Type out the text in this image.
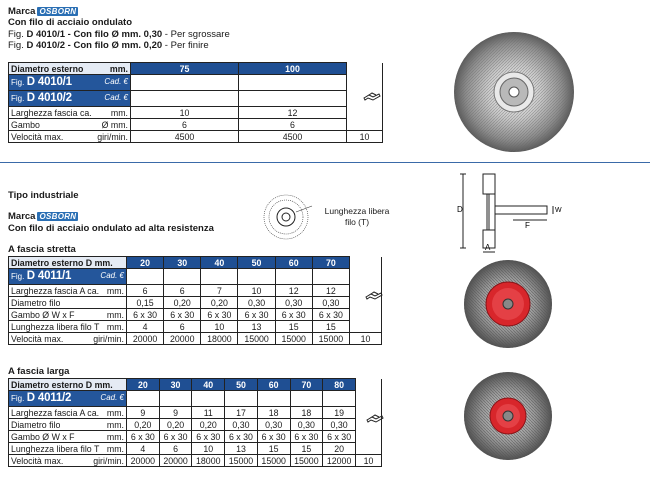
Marca OSBORN
Con filo di acciaio ondulato
Fig. D 4010/1 - Con filo Ø mm. 0,30 - Per sgrossare
Fig. D 4010/2 - Con filo Ø mm. 0,20 - Per finire
Diametro esterno mm.	75	100	
Fig. D 4010/1 Cad. €			

Fig. D 4010/2 Cad. €			

Larghezza fascia ca. mm.	10	12	
Gambo Ø mm.	6	6	
Velocità max. giri/min.	4500	4500	10
Tipo industriale
Marca OSBORN
Con filo di acciaio ondulato ad alta resistenza
Lunghezza libera
filo (T)
D
F
W
A
A fascia stretta
Diametro esterno D mm.	20	30	40	50	60	70	
Fig. D 4011/1 Cad. €							

Larghezza fascia A ca. mm.	6	6	7	10	12	12	
Diametro filo	0,15	0,20	0,20	0,30	0,30	0,30	
Gambo Ø W x F mm.	6 x 30	6 x 30	6 x 30	6 x 30	6 x 30	6 x 30	
Lunghezza libera filo T mm.	4	6	10	13	15	15	
Velocità max. giri/min.	20000	20000	18000	15000	15000	15000	10
A fascia larga
Diametro esterno D mm.	20	30	40	50	60	70	80	
Fig. D 4011/2 Cad. €								

Larghezza fascia A ca. mm.	9	9	11	17	18	18	19	
Diametro filo mm.	0,20	0,20	0,20	0,30	0,30	0,30	0,30	
Gambo Ø W x F mm.	6 x 30	6 x 30	6 x 30	6 x 30	6 x 30	6 x 30	6 x 30	
Lunghezza libera filo T mm.	4	6	10	13	15	15	20	
Velocità max. giri/min.	20000	20000	18000	15000	15000	15000	12000	10
